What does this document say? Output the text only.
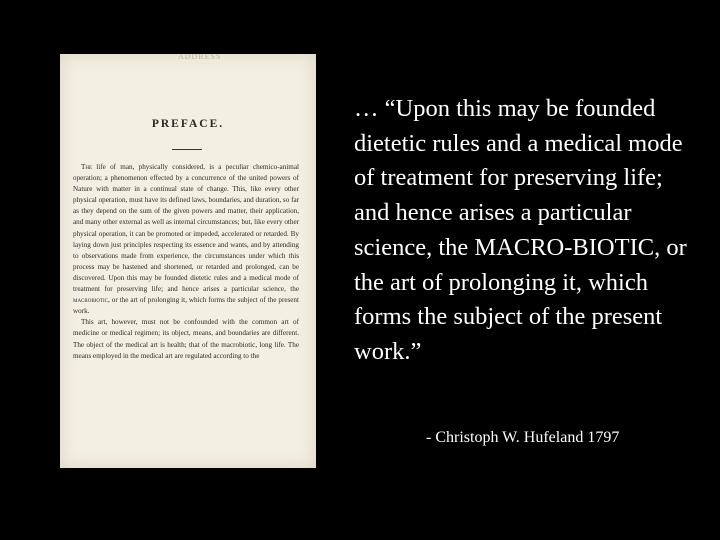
ADDRESS
PREFACE.

The life of man, physically considered, is a peculiar chemico-animal operation; a phenomenon effected by a concurrence of the united powers of Nature with matter in a continual state of change. This, like every other physical operation, must have its defined laws, boundaries, and duration, so far as they depend on the sum of the given powers and matter, their application, and many other external as well as internal circumstances; but, like every other physical operation, it can be promoted or impeded, accelerated or retarded. By laying down just principles respecting its essence and wants, and by attending to observations made from experience, the circumstances under which this process may be hastened and shortened, or retarded and prolonged, can be discovered. Upon this may be founded dietetic rules and a medical mode of treatment for preserving life; and hence arises a particular science, the macrobiotic, or the art of prolonging it, which forms the subject of the present work.
This art, however, must not be confounded with the common art of medicine or medical regimen; its object, means, and boundaries are different. The object of the medical art is health; that of the macrobiotic, long life. The means employed in the medical art are regulated according to the

… “Upon this may be founded dietetic rules and a medical mode of treatment for preserving life; and hence arises a particular science, the MACRO-BIOTIC, or the art of prolonging it, which forms the subject of the present work.”

- Christoph W. Hufeland 1797
